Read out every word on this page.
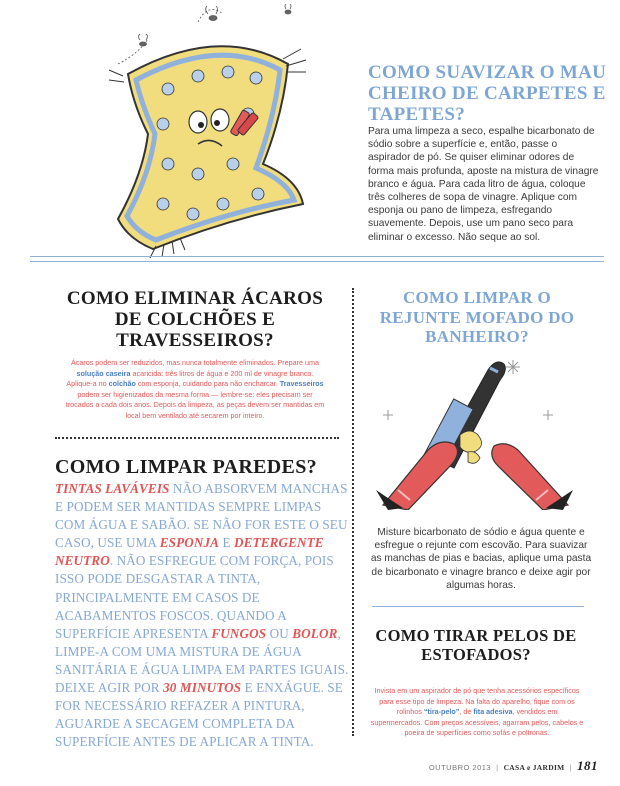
COMO SUAVIZAR O MAU CHEIRO DE CARPETES E TAPETES?
Para uma limpeza a seco, espalhe bicarbonato de sódio sobre a superfície e, então, passe o aspirador de pó. Se quiser eliminar odores de forma mais profunda, aposte na mistura de vinagre branco e água. Para cada litro de água, coloque três colheres de sopa de vinagre. Aplique com esponja ou pano de limpeza, esfregando suavemente. Depois, use um pano seco para eliminar o excesso. Não seque ao sol.
COMO ELIMINAR ÁCAROS DE COLCHÕES E TRAVESSEIROS?
Ácaros podem ser reduzidos, mas nunca totalmente eliminados. Prepare uma solução caseira acaricida: três litros de água e 200 ml de vinagre branco. Aplique-a no colchão com esponja, cuidando para não encharcar. Travesseiros podem ser higienizados da mesma forma — lembre-se: eles precisam ser trocados a cada dois anos. Depois da limpeza, as peças devem ser mantidas em local bem ventilado até secarem por inteiro.
COMO LIMPAR PAREDES?
TINTAS LAVÁVEIS NÃO ABSORVEM MANCHAS E PODEM SER MANTIDAS SEMPRE LIMPAS COM ÁGUA E SABÃO. SE NÃO FOR ESTE O SEU CASO, USE UMA ESPONJA E DETERGENTE NEUTRO. NÃO ESFREGUE COM FORÇA, POIS ISSO PODE DESGASTAR A TINTA, PRINCIPALMENTE EM CASOS DE ACABAMENTOS FOSCOS. QUANDO A SUPERFÍCIE APRESENTA FUNGOS OU BOLOR, LIMPE-A COM UMA MISTURA DE ÁGUA SANITÁRIA E ÁGUA LIMPA EM PARTES IGUAIS. DEIXE AGIR POR 30 MINUTOS E ENXÁGUE. SE FOR NECESSÁRIO REFAZER A PINTURA, AGUARDE A SECAGEM COMPLETA DA SUPERFÍCIE ANTES DE APLICAR A TINTA.
COMO LIMPAR O REJUNTE MOFADO DO BANHEIRO?
Misture bicarbonato de sódio e água quente e esfregue o rejunte com escovão. Para suavizar as manchas de pias e bacias, aplique uma pasta de bicarbonato e vinagre branco e deixe agir por algumas horas.
COMO TIRAR PELOS DE ESTOFADOS?
Invista em um aspirador de pó que tenha acessórios específicos para esse tipo de limpeza. Na falta do aparelho, fique com os rolinhos “tira-pelo”, de fita adesiva, vendidos em supermercados. Com preços acessíveis, agarram pelos, cabelos e poeira de superfícies como sofás e poltronas.
OUTUBRO 2013 | CASA e JARDIM | 181
